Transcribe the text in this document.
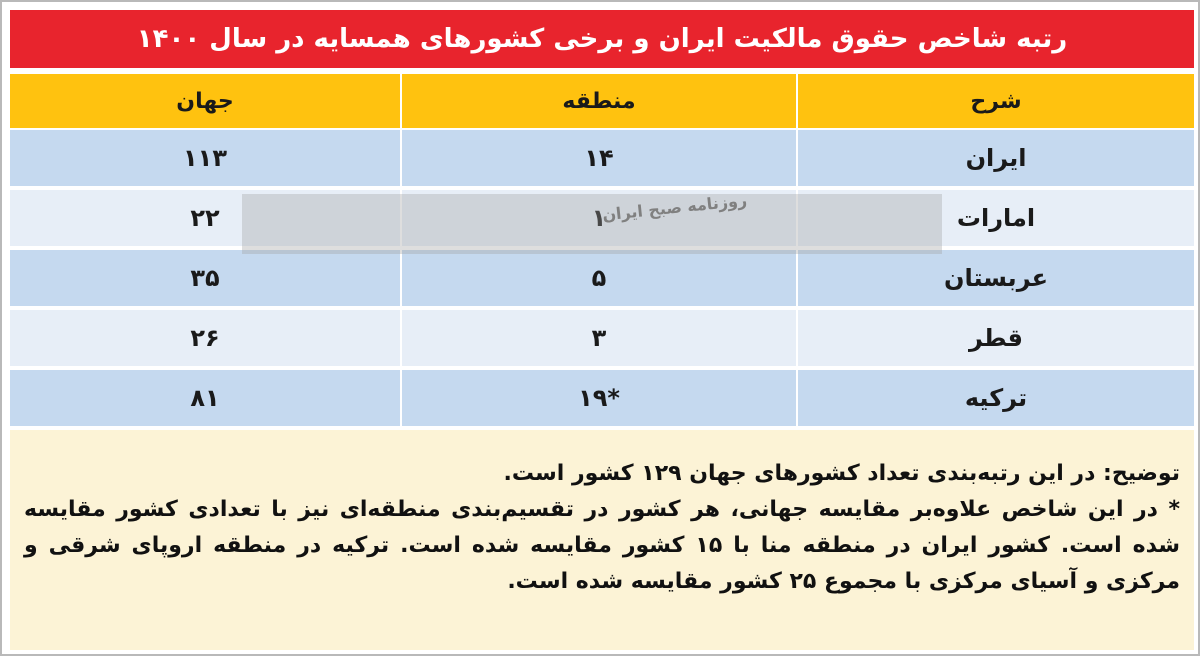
رتبه شاخص حقوق مالکیت ایران و برخی کشورهای همسایه در سال ۱۴۰۰
شرح
منطقه
جهان
ایران
۱۴
۱۱۳
امارات
۱
۲۲
عربستان
۵
۳۵
قطر
۳
۲۶
ترکیه
*۱۹
۸۱
روزنامه صبح ایران

توضیح: در این رتبه‌بندی تعداد کشورهای جهان ۱۲۹ کشور است.

* در این شاخص علاوه‌بر مقایسه جهانی، هر کشور در تقسیم‌بندی منطقه‌ای نیز با تعدادی کشور مقایسه شده است. کشور ایران در منطقه منا با ۱۵ کشور مقایسه شده است. ترکیه در منطقه اروپای شرقی و مرکزی و آسیای مرکزی با مجموع ۲۵ کشور مقایسه شده است.
